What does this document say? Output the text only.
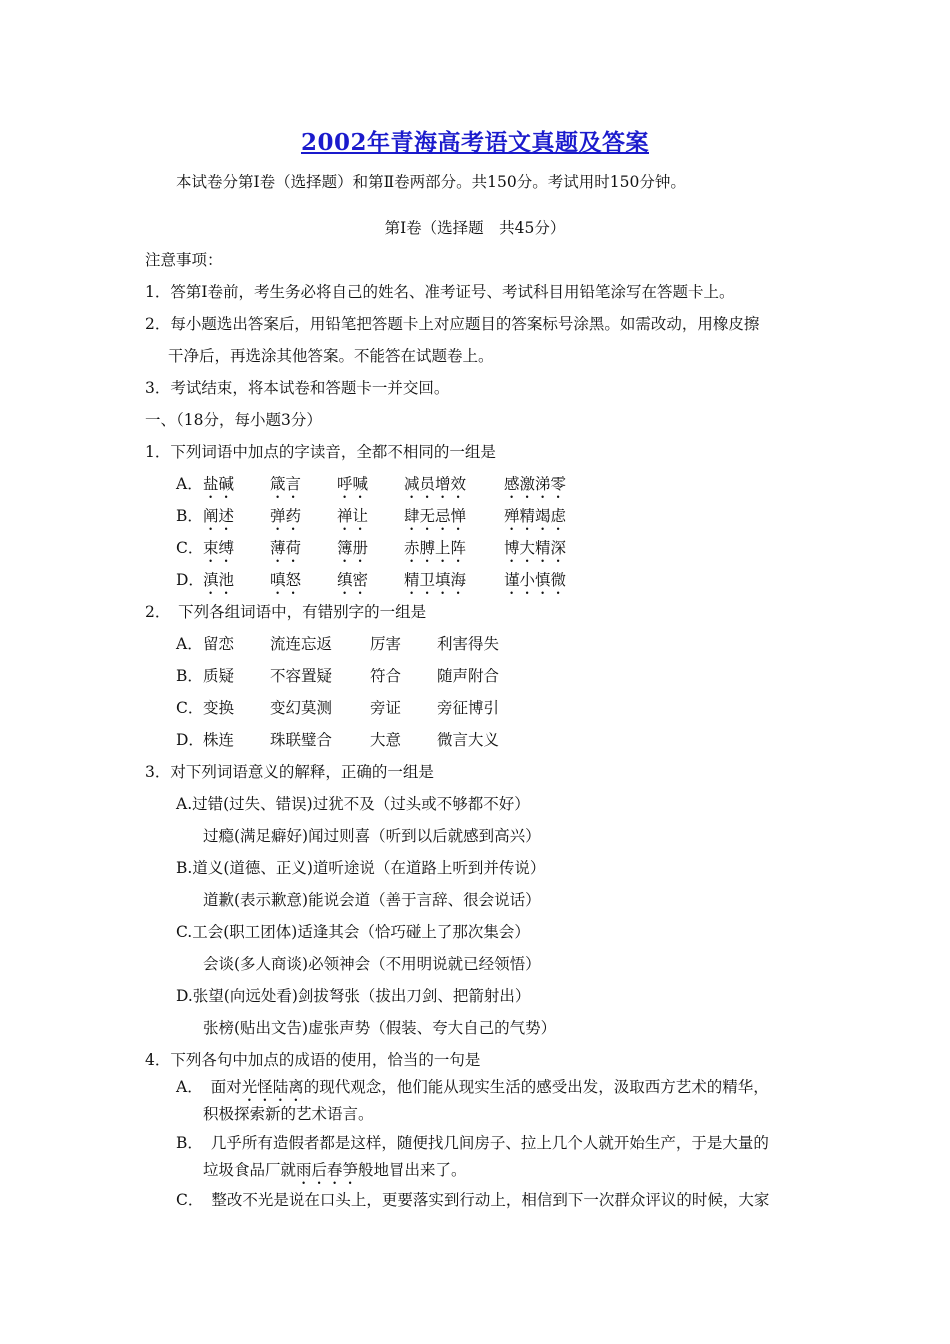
2002年青海高考语文真题及答案
本试卷分第Ⅰ卷（选择题）和第Ⅱ卷两部分。共150分。考试用时150分钟。
第Ⅰ卷（选择题　共45分）
注意事项：
1．答第Ⅰ卷前，考生务必将自己的姓名、准考证号、考试科目用铅笔涂写在答题卡上。
2．每小题选出答案后，用铅笔把答题卡上对应题目的答案标号涂黑。如需改动，用橡皮擦
干净后，再选涂其他答案。不能答在试题卷上。
3．考试结束，将本试卷和答题卡一并交回。
一、（18分，每小题3分）
1．下列词语中加点的字读音，全都不相同的一组是
A． 盐碱 箴言 呼喊 减员增效 感激涕零
B． 阐述 弹药 禅让 肆无忌惮 殚精竭虑
C． 束缚 薄荷 簿册 赤膊上阵 博大精深
D． 滇池 嗔怒 缜密 精卫填海 谨小慎微
2．　下列各组词语中，有错别字的一组是
A． 留恋 流连忘返 厉害 利害得失
B． 质疑 不容置疑 符合 随声附合
C． 变换 变幻莫测 旁证 旁征博引
D． 株连 珠联璧合 大意 微言大义
3．对下列词语意义的解释，正确的一组是
A.过错(过失、错误)过犹不及（过头或不够都不好）
过瘾(满足癖好)闻过则喜（听到以后就感到高兴）
B.道义(道德、正义)道听途说（在道路上听到并传说）
道歉(表示歉意)能说会道（善于言辞、很会说话）
C.工会(职工团体)适逢其会（恰巧碰上了那次集会）
会谈(多人商谈)必领神会（不用明说就已经领悟）
D.张望(向远处看)剑拔弩张（拔出刀剑、把箭射出）
张榜(贴出文告)虚张声势（假装、夸大自己的气势）
4．下列各句中加点的成语的使用，恰当的一句是
A． 面对光怪陆离的现代观念，他们能从现实生活的感受出发，汲取西方艺术的精华，
积极探索新的艺术语言。
B． 几乎所有造假者都是这样，随便找几间房子、拉上几个人就开始生产，于是大量的
垃圾食品厂就雨后春笋般地冒出来了。
C． 整改不光是说在口头上，更要落实到行动上，相信到下一次群众评议的时候，大家
